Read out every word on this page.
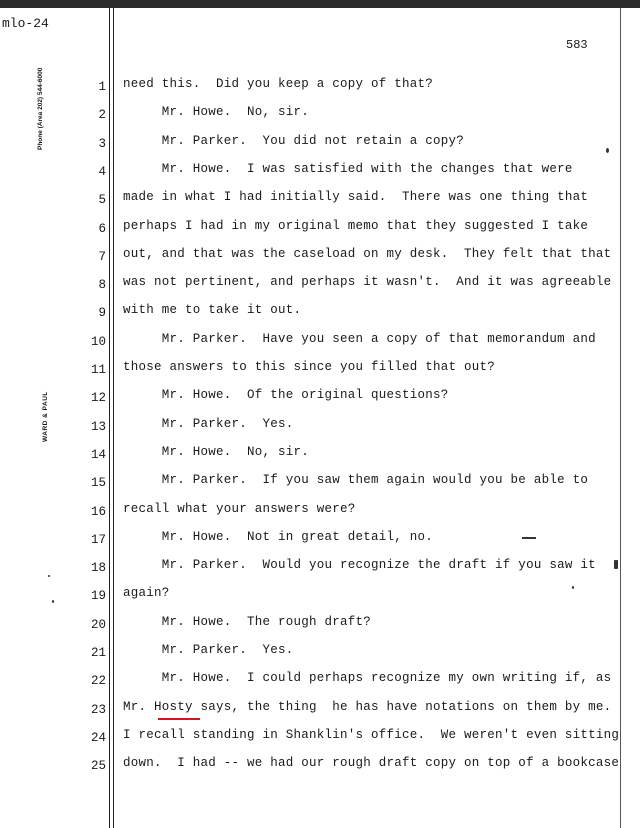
mlo-24
583
Phone (Area 202) 544-6000
WARD & PAUL
1 need this.  Did you keep a copy of that?
2 Mr. Howe.  No, sir.
3 Mr. Parker.  You did not retain a copy?
4 Mr. Howe.  I was satisfied with the changes that were
5 made in what I had initially said.  There was one thing that
6 perhaps I had in my original memo that they suggested I take
7 out, and that was the caseload on my desk.  They felt that that
8 was not pertinent, and perhaps it wasn't.  And it was agreeable
9 with me to take it out.
10 Mr. Parker.  Have you seen a copy of that memorandum and
11 those answers to this since you filled that out?
12 Mr. Howe.  Of the original questions?
13 Mr. Parker.  Yes.
14 Mr. Howe.  No, sir.
15 Mr. Parker.  If you saw them again would you be able to
16 recall what your answers were?
17 Mr. Howe.  Not in great detail, no.
18 Mr. Parker.  Would you recognize the draft if you saw it
19 again?
20 Mr. Howe.  The rough draft?
21 Mr. Parker.  Yes.
22 Mr. Howe.  I could perhaps recognize my own writing if, as
23 Mr. Hosty says, the thing  he has have notations on them by me.
24 I recall standing in Shanklin's office.  We weren't even sitting
25 down.  I had -- we had our rough draft copy on top of a bookcase
